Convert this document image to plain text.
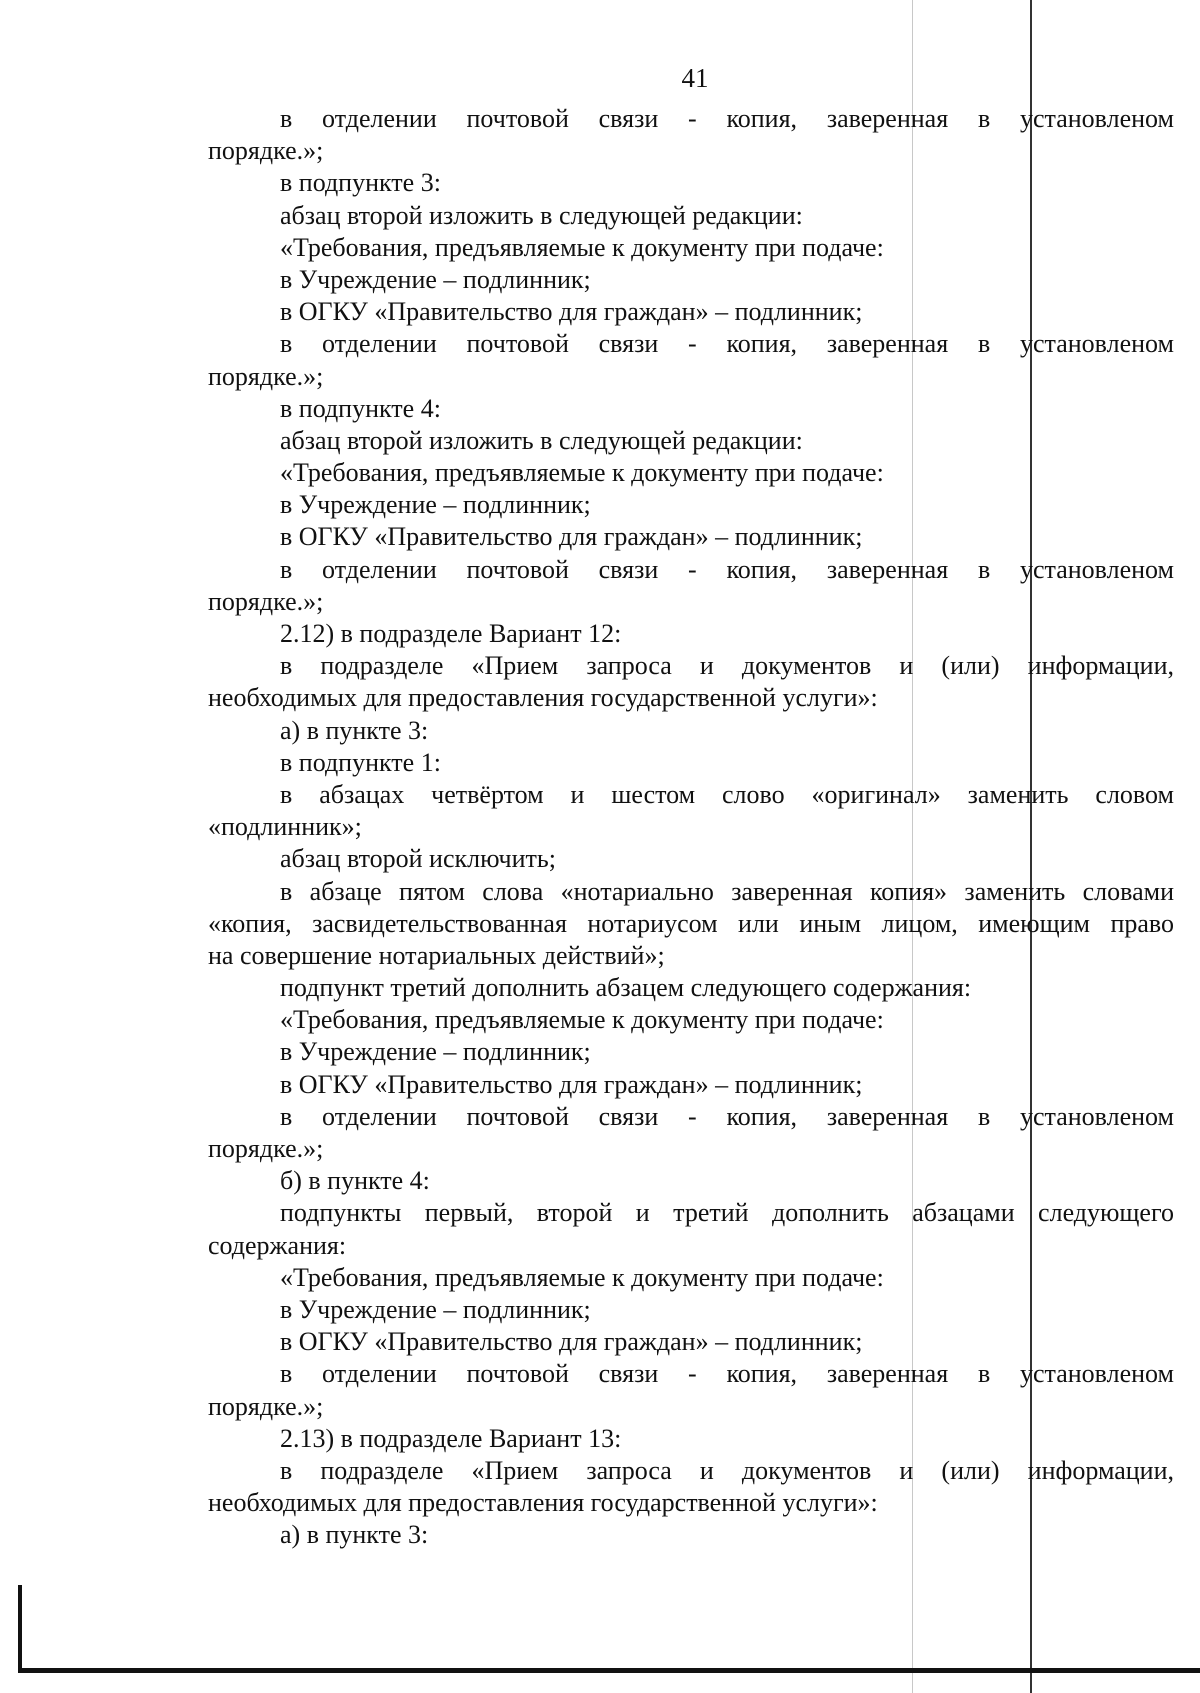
41
в отделении почтовой связи - копия, заверенная в установленом
порядке.»;
в подпункте 3:
абзац второй изложить в следующей редакции:
«Требования, предъявляемые к документу при подаче:
в Учреждение – подлинник;
в ОГКУ «Правительство для граждан» – подлинник;
в отделении почтовой связи - копия, заверенная в установленом
порядке.»;
в подпункте 4:
абзац второй изложить в следующей редакции:
«Требования, предъявляемые к документу при подаче:
в Учреждение – подлинник;
в ОГКУ «Правительство для граждан» – подлинник;
в отделении почтовой связи - копия, заверенная в установленом
порядке.»;
2.12) в подразделе Вариант 12:
в подразделе «Прием запроса и документов и (или) информации,
необходимых для предоставления государственной услуги»:
а) в пункте 3:
в подпункте 1:
в абзацах четвёртом и шестом слово «оригинал» заменить словом
«подлинник»;
абзац второй исключить;
в абзаце пятом слова «нотариально заверенная копия» заменить словами
«копия, засвидетельствованная нотариусом или иным лицом, имеющим право
на совершение нотариальных действий»;
подпункт третий дополнить абзацем следующего содержания:
«Требования, предъявляемые к документу при подаче:
в Учреждение – подлинник;
в ОГКУ «Правительство для граждан» – подлинник;
в отделении почтовой связи - копия, заверенная в установленом
порядке.»;
б) в пункте 4:
подпункты первый, второй и третий дополнить абзацами следующего
содержания:
«Требования, предъявляемые к документу при подаче:
в Учреждение – подлинник;
в ОГКУ «Правительство для граждан» – подлинник;
в отделении почтовой связи - копия, заверенная в установленом
порядке.»;
2.13) в подразделе Вариант 13:
в подразделе «Прием запроса и документов и (или) информации,
необходимых для предоставления государственной услуги»:
а) в пункте 3:
